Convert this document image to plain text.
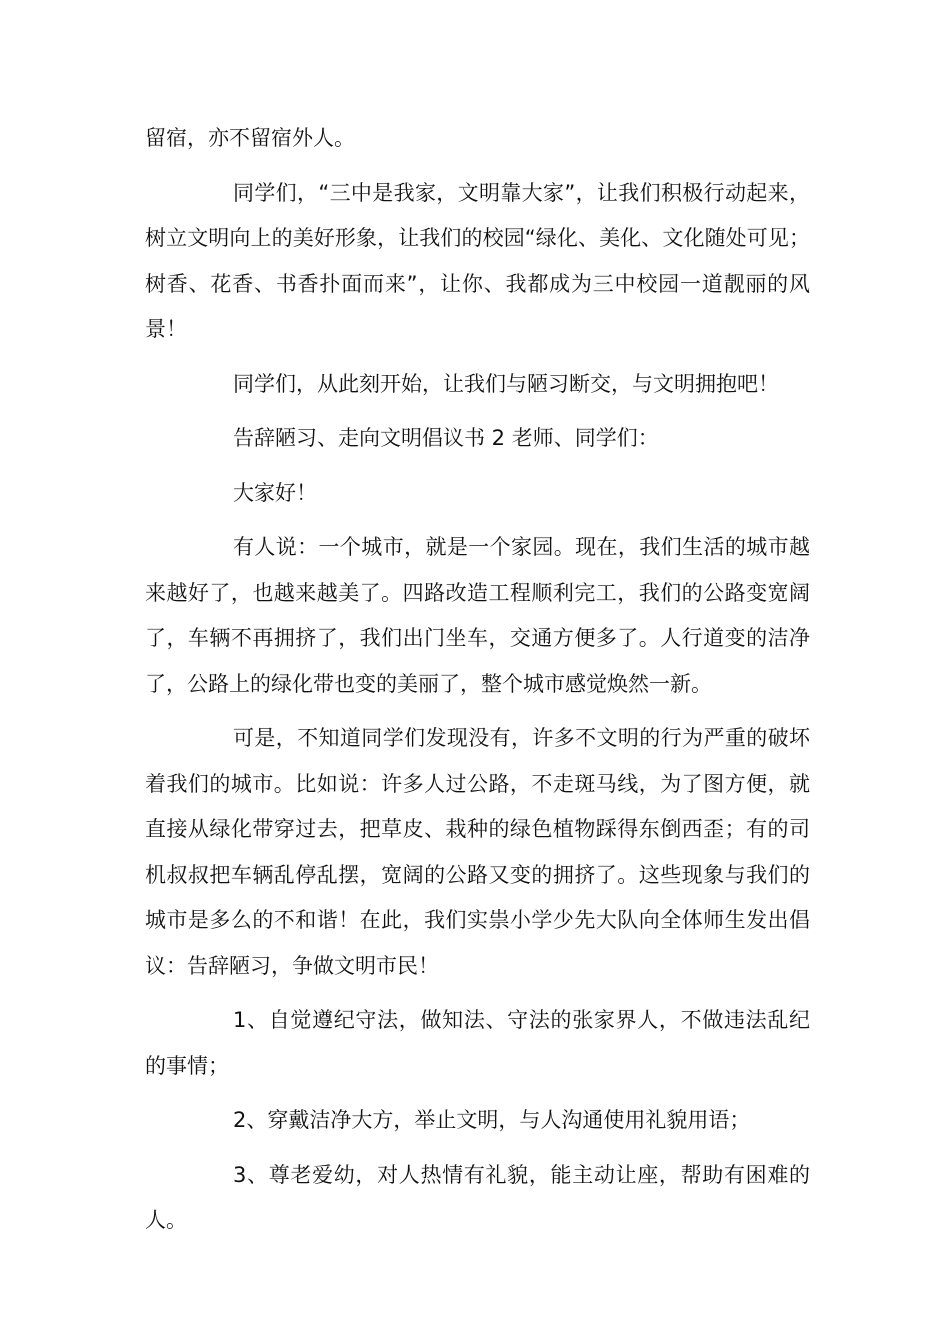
留宿，亦不留宿外人。

同学们，“三中是我家，文明靠大家”，让我们积极行动起来，树立文明向上的美好形象，让我们的校园“绿化、美化、文化随处可见；树香、花香、书香扑面而来”，让你、我都成为三中校园一道靓丽的风景！

同学们，从此刻开始，让我们与陋习断交，与文明拥抱吧！

告辞陋习、走向文明倡议书 2 老师、同学们：

大家好！

有人说：一个城市，就是一个家园。现在，我们生活的城市越来越好了，也越来越美了。四路改造工程顺利完工，我们的公路变宽阔了，车辆不再拥挤了，我们出门坐车，交通方便多了。人行道变的洁净了，公路上的绿化带也变的美丽了，整个城市感觉焕然一新。

可是，不知道同学们发现没有，许多不文明的行为严重的破坏着我们的城市。比如说：许多人过公路，不走斑马线，为了图方便，就直接从绿化带穿过去，把草皮、栽种的绿色植物踩得东倒西歪；有的司机叔叔把车辆乱停乱摆，宽阔的公路又变的拥挤了。这些现象与我们的城市是多么的不和谐！在此，我们实祟小学少先大队向全体师生发出倡议：告辞陋习，争做文明市民！

1、自觉遵纪守法，做知法、守法的张家界人，不做违法乱纪的事情；

2、穿戴洁净大方，举止文明，与人沟通使用礼貌用语；

3、尊老爱幼，对人热情有礼貌，能主动让座，帮助有困难的人。
